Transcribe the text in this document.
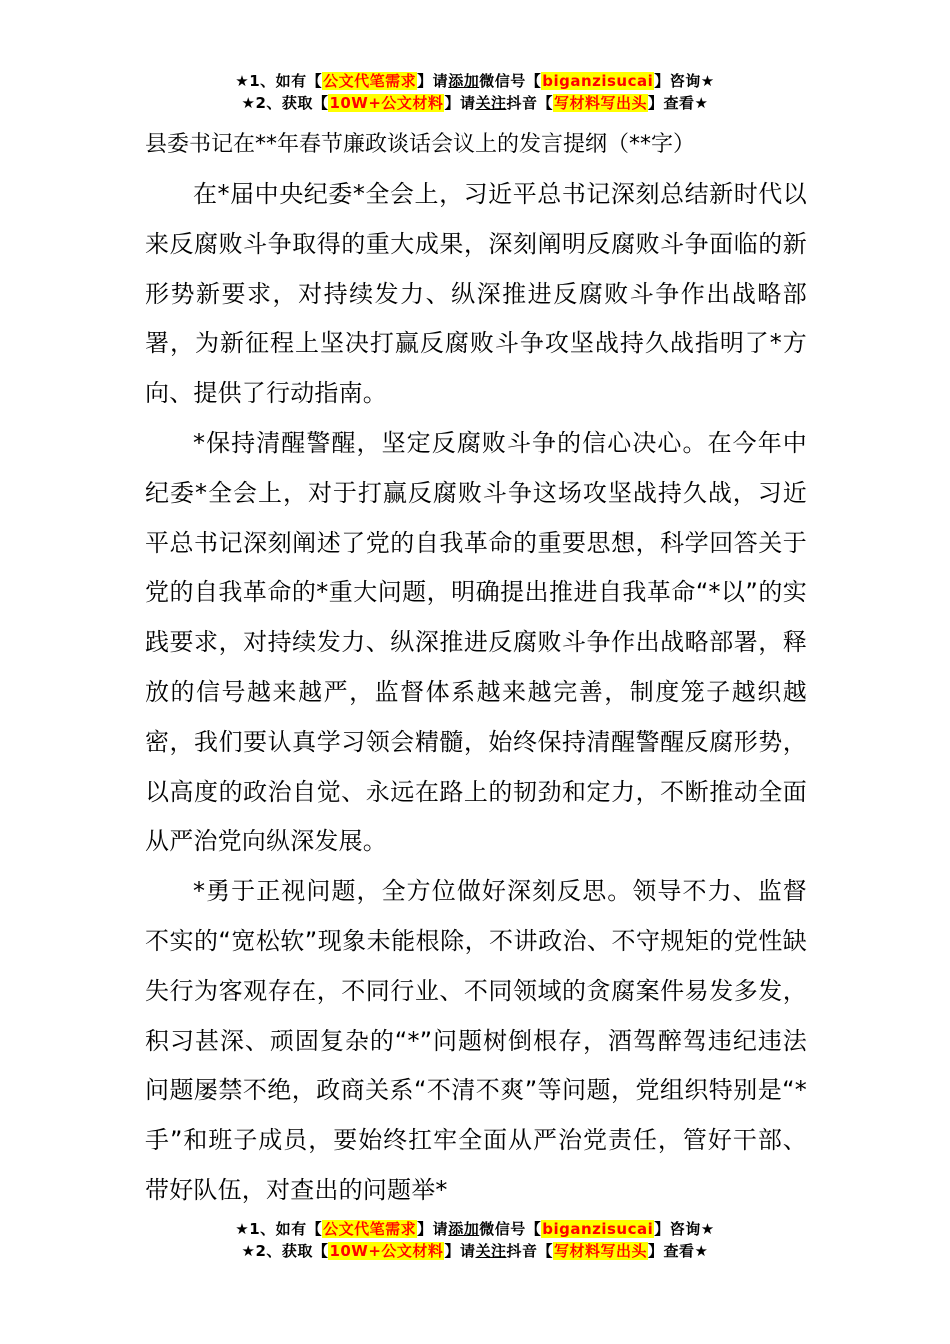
★1、如有【公文代笔需求】请添加微信号【biganzisucai】咨询★
★2、获取【10W+公文材料】请关注抖音【写材料写出头】查看★
县委书记在**年春节廉政谈话会议上的发言提纲（**字）

在*届中央纪委*全会上，习近平总书记深刻总结新时代以来反腐败斗争取得的重大成果，深刻阐明反腐败斗争面临的新形势新要求，对持续发力、纵深推进反腐败斗争作出战略部署，为新征程上坚决打赢反腐败斗争攻坚战持久战指明了*方向、提供了行动指南。

*保持清醒警醒，坚定反腐败斗争的信心决心。在今年中纪委*全会上，对于打赢反腐败斗争这场攻坚战持久战，习近平总书记深刻阐述了党的自我革命的重要思想，科学回答关于党的自我革命的*重大问题，明确提出推进自我革命“*以”的实践要求，对持续发力、纵深推进反腐败斗争作出战略部署，释放的信号越来越严，监督体系越来越完善，制度笼子越织越密，我们要认真学习领会精髓，始终保持清醒警醒反腐形势，以高度的政治自觉、永远在路上的韧劲和定力，不断推动全面从严治党向纵深发展。

*勇于正视问题，全方位做好深刻反思。领导不力、监督不实的“宽松软”现象未能根除，不讲政治、不守规矩的党性缺失行为客观存在，不同行业、不同领域的贪腐案件易发多发，积习甚深、顽固复杂的“*”问题树倒根存，酒驾醉驾违纪违法问题屡禁不绝，政商关系“不清不爽”等问题，党组织特别是“*手”和班子成员，要始终扛牢全面从严治党责任，管好干部、带好队伍，对查出的问题举*

★1、如有【公文代笔需求】请添加微信号【biganzisucai】咨询★
★2、获取【10W+公文材料】请关注抖音【写材料写出头】查看★
